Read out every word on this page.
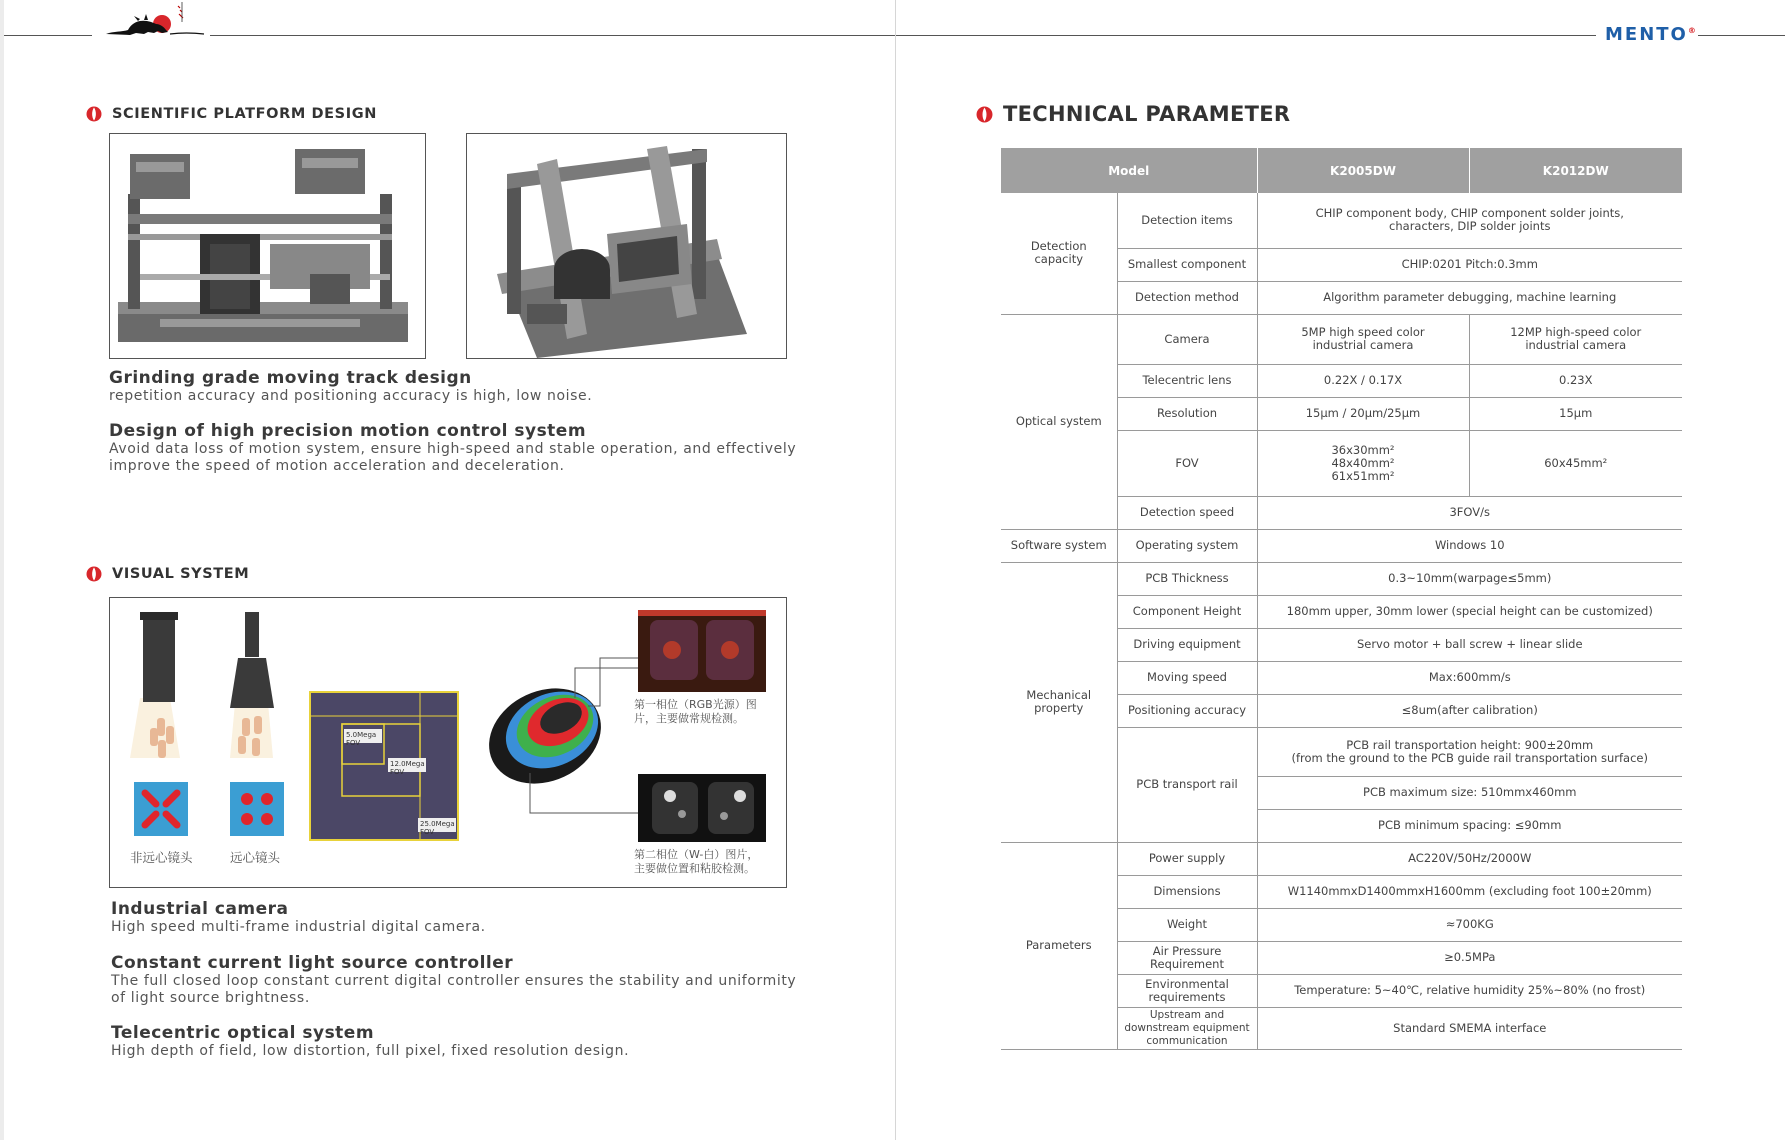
MENTO®
SCIENTIFIC PLATFORM DESIGN
Grinding grade moving track design

repetition accuracy and positioning accuracy is high, low noise.

Design of high precision motion control system

Avoid data loss of motion system, ensure high-speed and stable operation, and effectively improve the speed of motion acceleration and deceleration.

VISUAL SYSTEM
5.0Mega FOV
12.0Mega FOV
25.0Mega FOV
非远心镜头	远心镜头
第一相位（RGB光源）图片，主要做常规检测。
第二相位（W-白）图片，主要做位置和粘胶检测。
Industrial camera

High speed multi-frame industrial digital camera.

Constant current light source controller

The full closed loop constant current digital controller ensures the stability and uniformity of light source brightness.

Telecentric optical system

High depth of field, low distortion, full pixel, fixed resolution design.

TECHNICAL PARAMETER
Model		K2005DW	K2012DW
Detection capacity	Detection items	CHIP component body, CHIP component solder joints, characters, DIP solder joints	
	Smallest component	CHIP:0201 Pitch:0.3mm	
	Detection method	Algorithm parameter debugging, machine learning	
Optical system	Camera	5MP high speed color industrial camera	12MP high-speed color industrial camera
	Telecentric lens	0.22X / 0.17X	0.23X
	Resolution	15μm / 20μm/25μm	15μm
	FOV	36x30mm²
48x40mm²
61x51mm²	60x45mm²
	Detection speed	3FOV/s	
Software system	Operating system	Windows 10	
Mechanical property	PCB Thickness	0.3~10mm(warpage≤5mm)	
	Component Height	180mm upper, 30mm lower (special height can be customized)	
	Driving equipment	Servo motor + ball screw + linear slide	
	Moving speed	Max:600mm/s	
	Positioning accuracy	≤8um(after calibration)	
	PCB transport rail	PCB rail transportation height: 900±20mm
(from the ground to the PCB guide rail transportation surface)	

		PCB maximum size: 510mmx460mm	
		PCB minimum spacing: ≤90mm	
Parameters	Power supply	AC220V/50Hz/2000W	
	Dimensions	W1140mmxD1400mmxH1600mm (excluding foot 100±20mm)	
	Weight	≈700KG	
	Air Pressure Requirement	≥0.5MPa	
	Environmental requirements	Temperature: 5~40℃, relative humidity 25%~80% (no frost)	
	Upstream and downstream equipment communication	Standard SMEMA interface	
